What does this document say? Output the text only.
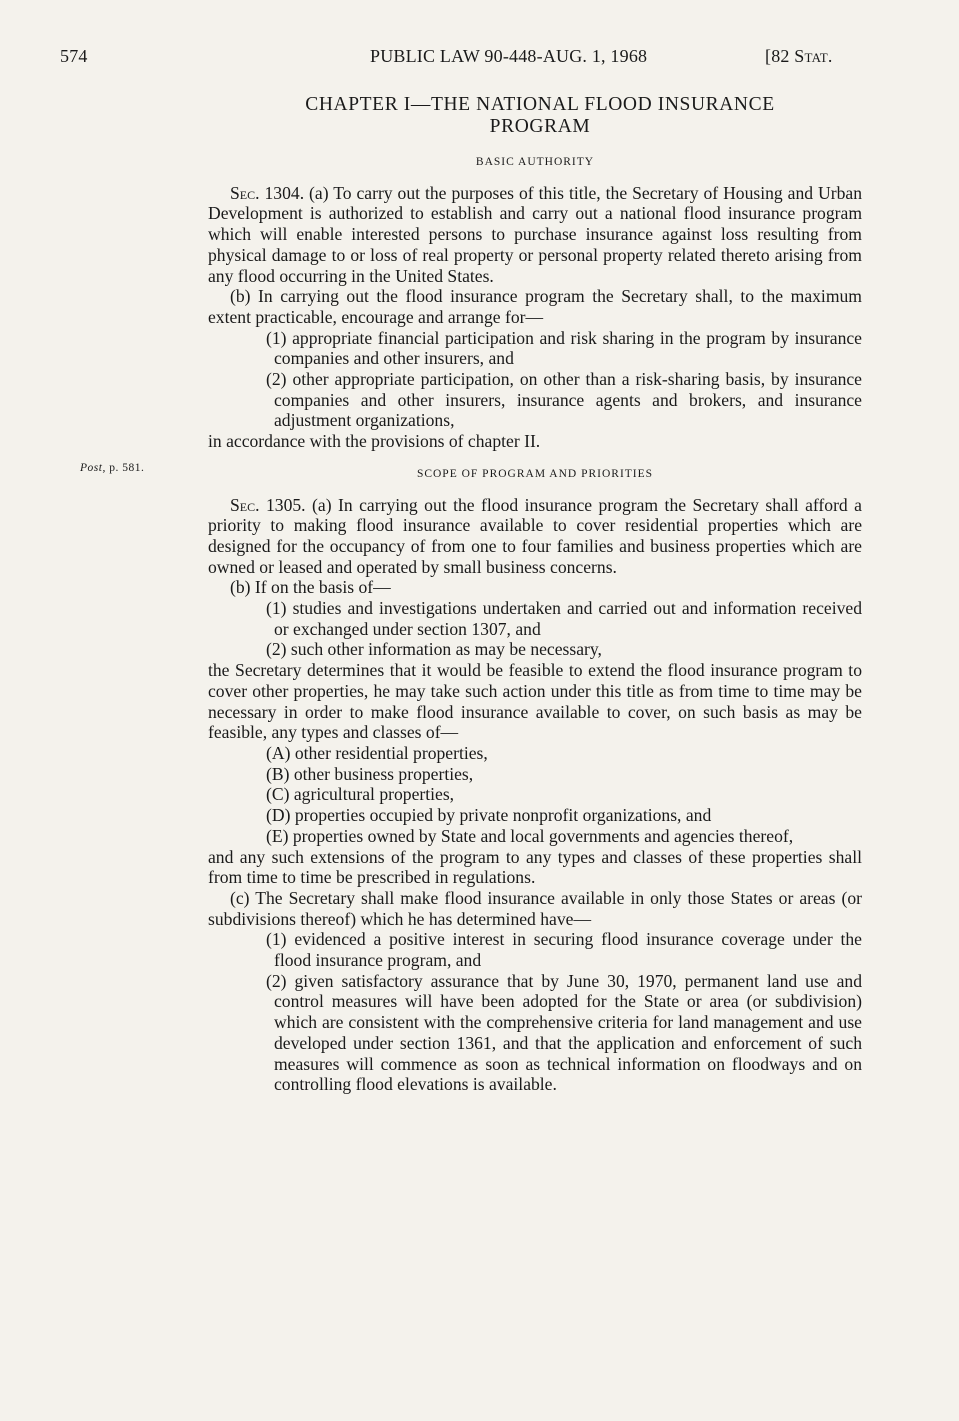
574	PUBLIC LAW 90-448-AUG. 1, 1968	[82 Stat.
Post, p. 581.
CHAPTER I—THE NATIONAL FLOOD INSURANCE
PROGRAM
BASIC AUTHORITY

Sec. 1304. (a) To carry out the purposes of this title, the Secretary of Housing and Urban Development is authorized to establish and carry out a national flood insurance program which will enable interested persons to purchase insurance against loss resulting from physical damage to or loss of real property or personal property related thereto arising from any flood occurring in the United States.

(b) In carrying out the flood insurance program the Secretary shall, to the maximum extent practicable, encourage and arrange for—

(1) appropriate financial participation and risk sharing in the program by insurance companies and other insurers, and

(2) other appropriate participation, on other than a risk-sharing basis, by insurance companies and other insurers, insurance agents and brokers, and insurance adjustment organizations,

in accordance with the provisions of chapter II.

SCOPE OF PROGRAM AND PRIORITIES

Sec. 1305. (a) In carrying out the flood insurance program the Secretary shall afford a priority to making flood insurance available to cover residential properties which are designed for the occupancy of from one to four families and business properties which are owned or leased and operated by small business concerns.

(b) If on the basis of—

(1) studies and investigations undertaken and carried out and information received or exchanged under section 1307, and

(2) such other information as may be necessary,

the Secretary determines that it would be feasible to extend the flood insurance program to cover other properties, he may take such action under this title as from time to time may be necessary in order to make flood insurance available to cover, on such basis as may be feasible, any types and classes of—

(A) other residential properties,

(B) other business properties,

(C) agricultural properties,

(D) properties occupied by private nonprofit organizations, and

(E) properties owned by State and local governments and agencies thereof,

and any such extensions of the program to any types and classes of these properties shall from time to time be prescribed in regulations.

(c) The Secretary shall make flood insurance available in only those States or areas (or subdivisions thereof) which he has determined have—

(1) evidenced a positive interest in securing flood insurance coverage under the flood insurance program, and

(2) given satisfactory assurance that by June 30, 1970, permanent land use and control measures will have been adopted for the State or area (or subdivision) which are consistent with the comprehensive criteria for land management and use developed under section 1361, and that the application and enforcement of such measures will commence as soon as technical information on floodways and on controlling flood elevations is available.
